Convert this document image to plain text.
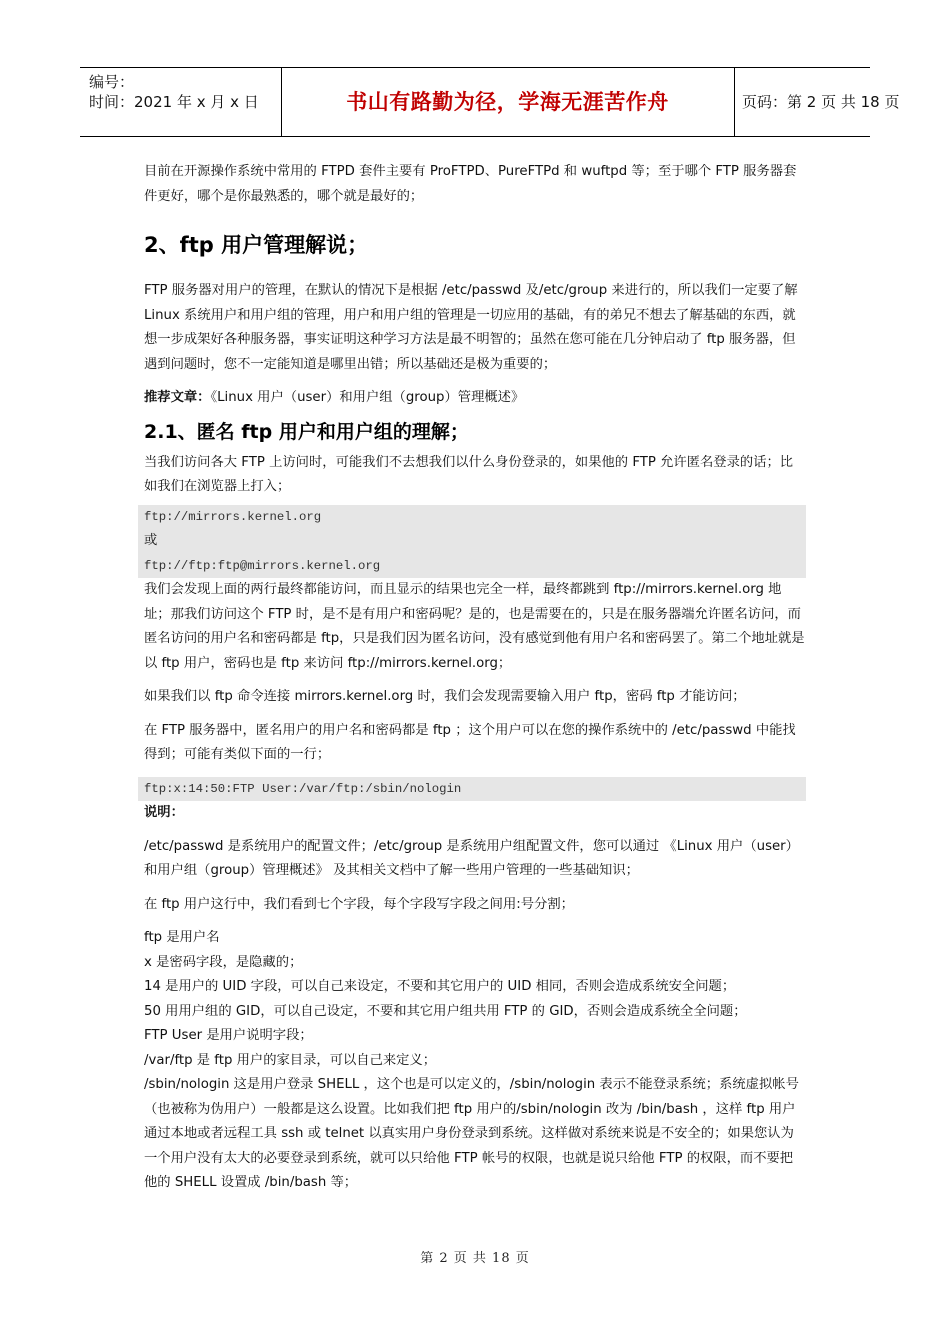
编号：
时间：2021 年 x 月 x 日	书山有路勤为径，学海无涯苦作舟	页码：第 2 页 共 18 页

目前在开源操作系统中常用的 FTPD 套件主要有 ProFTPD、PureFTPd 和 wuftpd 等；至于哪个 FTP 服务器套件更好，哪个是你最熟悉的，哪个就是最好的；

2、ftp 用户管理解说；

FTP 服务器对用户的管理，在默认的情况下是根据 /etc/passwd 及/etc/group 来进行的，所以我们一定要了解 Linux 系统用户和用户组的管理，用户和用户组的管理是一切应用的基础，有的弟兄不想去了解基础的东西，就想一步成架好各种服务器，事实证明这种学习方法是最不明智的；虽然在您可能在几分钟启动了 ftp 服务器，但遇到问题时，您不一定能知道是哪里出错；所以基础还是极为重要的；

推荐文章：《Linux 用户（user）和用户组（group）管理概述》

2.1、匿名 ftp 用户和用户组的理解；

当我们访问各大 FTP 上访问时，可能我们不去想我们以什么身份登录的，如果他的 FTP 允许匿名登录的话；比如我们在浏览器上打入；

ftp://mirrors.kernel.org
或
ftp://ftp:ftp@mirrors.kernel.org

我们会发现上面的两行最终都能访问，而且显示的结果也完全一样，最终都跳到 ftp://mirrors.kernel.org 地址；那我们访问这个 FTP 时，是不是有用户和密码呢？是的，也是需要在的，只是在服务器端允许匿名访问，而匿名访问的用户名和密码都是 ftp，只是我们因为匿名访问，没有感觉到他有用户名和密码罢了。第二个地址就是以 ftp 用户，密码也是 ftp 来访问 ftp://mirrors.kernel.org；

如果我们以 ftp 命令连接 mirrors.kernel.org 时，我们会发现需要输入用户 ftp，密码 ftp 才能访问；

在 FTP 服务器中，匿名用户的用户名和密码都是 ftp ；这个用户可以在您的操作系统中的 /etc/passwd 中能找得到；可能有类似下面的一行；

ftp:x:14:50:FTP User:/var/ftp:/sbin/nologin

说明：

/etc/passwd 是系统用户的配置文件；/etc/group 是系统用户组配置文件，您可以通过 《Linux 用户（user）和用户组（group）管理概述》 及其相关文档中了解一些用户管理的一些基础知识；

在 ftp 用户这行中，我们看到七个字段，每个字段写字段之间用:号分割；

ftp 是用户名

x 是密码字段，是隐藏的；

14 是用户的 UID 字段，可以自己来设定，不要和其它用户的 UID 相同，否则会造成系统安全问题；

50 用用户组的 GID，可以自己设定，不要和其它用户组共用 FTP 的 GID，否则会造成系统全全问题；

FTP User 是用户说明字段；

/var/ftp 是 ftp 用户的家目录，可以自己来定义；

/sbin/nologin 这是用户登录 SHELL ，这个也是可以定义的，/sbin/nologin 表示不能登录系统；系统虚拟帐号（也被称为伪用户）一般都是这么设置。比如我们把 ftp 用户的/sbin/nologin 改为 /bin/bash ，这样 ftp 用户通过本地或者远程工具 ssh 或 telnet 以真实用户身份登录到系统。这样做对系统来说是不安全的；如果您认为一个用户没有太大的必要登录到系统，就可以只给他 FTP 帐号的权限，也就是说只给他 FTP 的权限，而不要把他的 SHELL 设置成 /bin/bash 等；

第 2 页 共 18 页
